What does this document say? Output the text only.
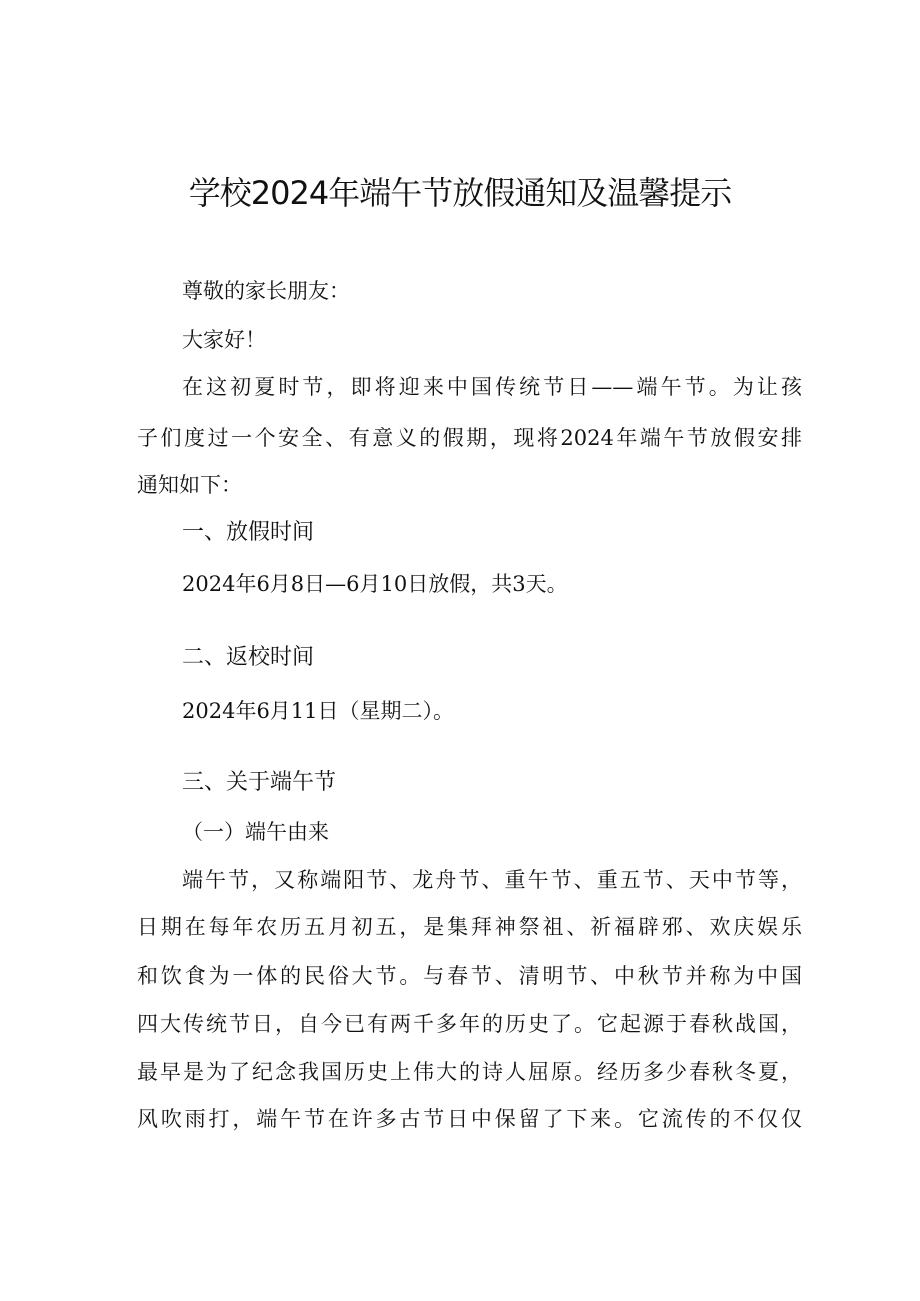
学校2024年端午节放假通知及温馨提示
尊敬的家长朋友：
大家好！
在这初夏时节，即将迎来中国传统节日——端午节。为让孩
子们度过一个安全、有意义的假期，现将2024年端午节放假安排
通知如下：
一、放假时间
2024年6月8日—6月10日放假，共3天。
二、返校时间
2024年6月11日（星期二）。
三、关于端午节
（一）端午由来
端午节，又称端阳节、龙舟节、重午节、重五节、天中节等，
日期在每年农历五月初五，是集拜神祭祖、祈福辟邪、欢庆娱乐
和饮食为一体的民俗大节。与春节、清明节、中秋节并称为中国
四大传统节日，自今已有两千多年的历史了。它起源于春秋战国，
最早是为了纪念我国历史上伟大的诗人屈原。经历多少春秋冬夏，
风吹雨打，端午节在许多古节日中保留了下来。它流传的不仅仅
